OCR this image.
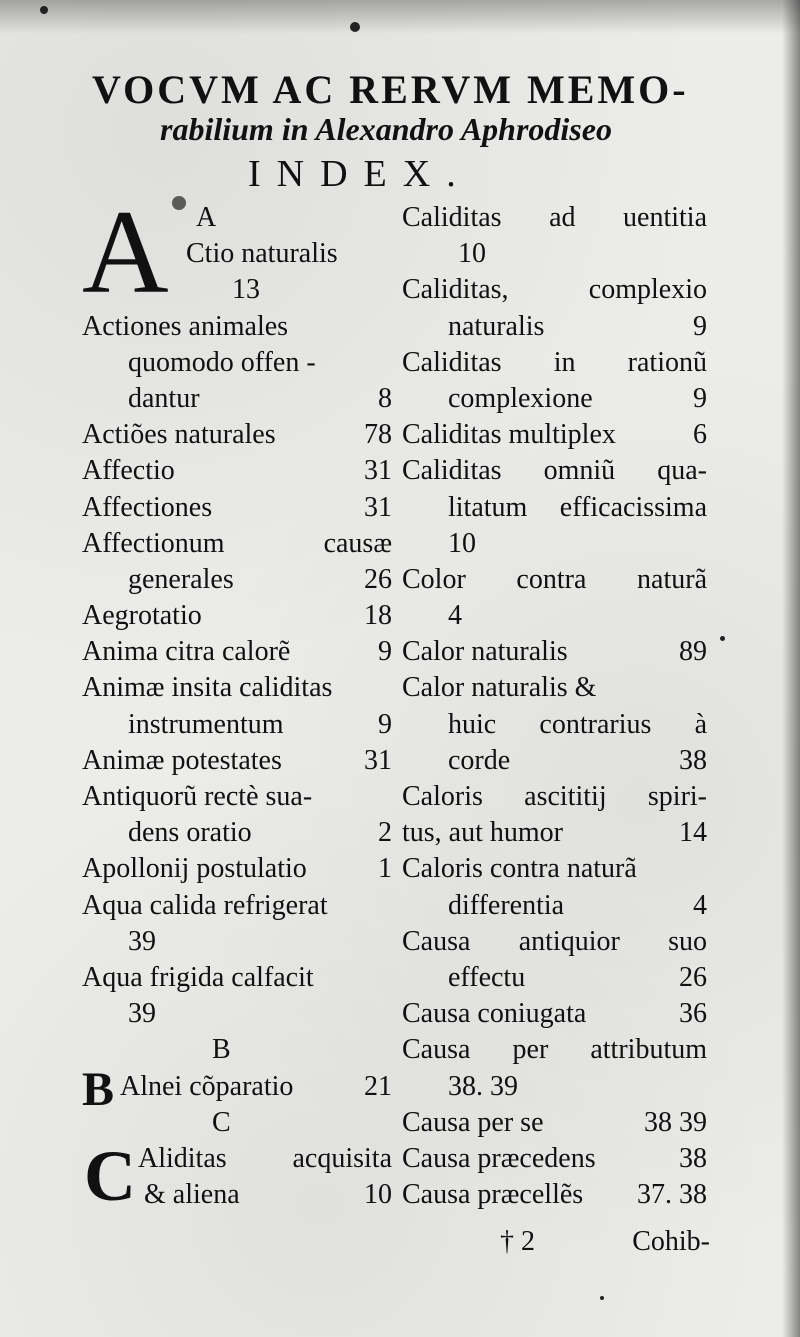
VOCVM AC RERVM MEMO-
rabilium in Alexandro Aphrodiseo
INDEX.
A A
Ctio naturalis
13
Actiones animales
quomodo offen -
dantur	8
Actiões naturales	78
Affectio	31
Affectiones	31
Affectionum causæ
generales	26
Aegrotatio	18
Anima citra calorẽ	9
Animæ insita caliditas
instrumentum	9
Animæ potestates	31
Antiquorũ rectè sua-
dens oratio	2
Apollonij postulatio	1
Aqua calida refrigerat
39
Aqua frigida calfacit
39
B
B Alnei cõparatio	21
C
C Aliditas acquisita
& aliena	10
Caliditas ad uentitia
10
Caliditas, complexio
naturalis	9
Caliditas in rationũ
complexione	9
Caliditas multiplex	6
Caliditas omniũ qua-
litatum efficacissima
10
Color contra naturã
4
Calor naturalis	89
Calor naturalis &
huic contrarius à
corde	38
Caloris ascititij spiri-
tus, aut humor	14
Caloris contra naturã
differentia	4
Causa antiquior suo
effectu	26
Causa coniugata	36
Causa per attributum
38. 39
Causa per se	38 39
Causa præcedens	38
Causa præcellẽs 37. 38
† 2	Cohib-
